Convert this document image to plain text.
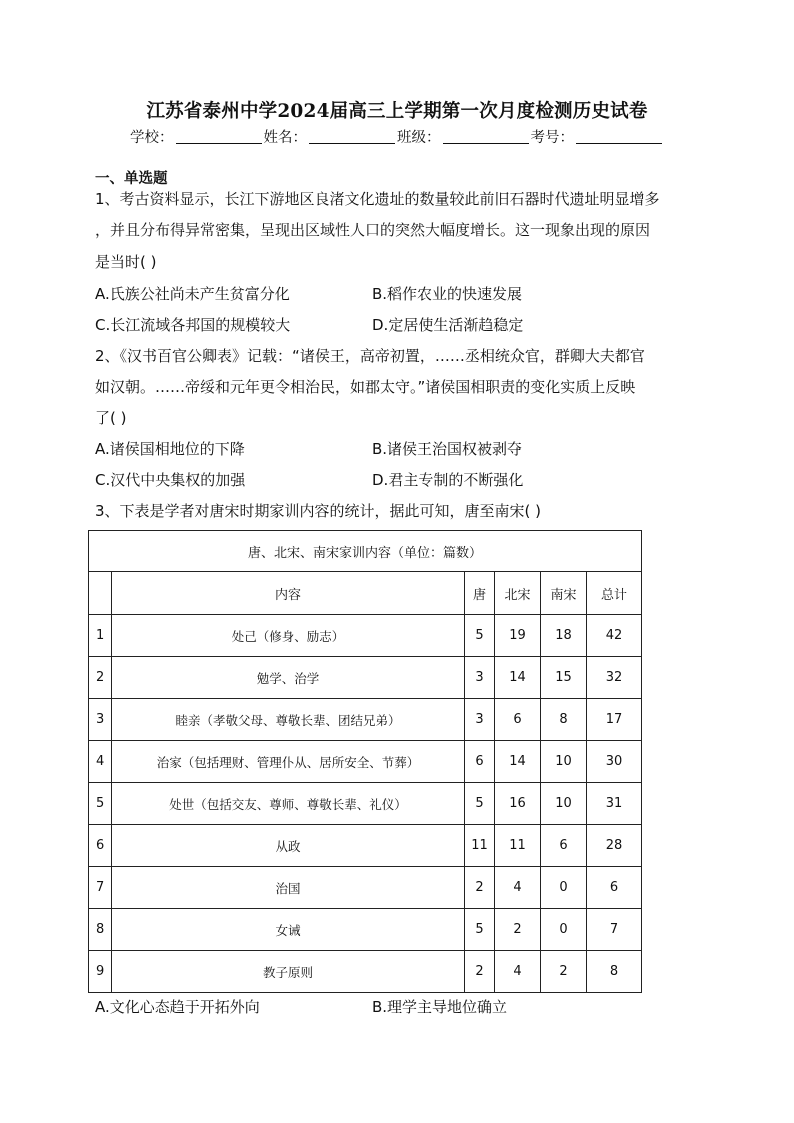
江苏省泰州中学2024届高三上学期第一次月度检测历史试卷
学校：	姓名：	班级：	考号：
一、单选题
1、考古资料显示，长江下游地区良渚文化遗址的数量较此前旧石器时代遗址明显增多
，并且分布得异常密集，呈现出区域性人口的突然大幅度增长。这一现象出现的原因
是当时( )
A.氏族公社尚未产生贫富分化	B.稻作农业的快速发展
C.长江流域各邦国的规模较大	D.定居使生活渐趋稳定
2、《汉书百官公卿表》记载：“诸侯王，高帝初置，……丞相统众官，群卿大夫都官
如汉朝。……帝绥和元年更令相治民，如郡太守。”诸侯国相职责的变化实质上反映
了( )
A.诸侯国相地位的下降	B.诸侯王治国权被剥夺
C.汉代中央集权的加强	D.君主专制的不断强化
3、下表是学者对唐宋时期家训内容的统计，据此可知，唐至南宋( )
唐、北宋、南宋家训内容（单位：篇数）					
	内容	唐	北宋	南宋	总计
1	处己（修身、励志）	5	19	18	42
2	勉学、治学	3	14	15	32
3	睦亲（孝敬父母、尊敬长辈、团结兄弟）	3	6	8	17
4	治家（包括理财、管理仆从、居所安全、节葬）	6	14	10	30
5	处世（包括交友、尊师、尊敬长辈、礼仪）	5	16	10	31
6	从政	11	11	6	28
7	治国	2	4	0	6
8	女诫	5	2	0	7
9	教子原则	2	4	2	8
A.文化心态趋于开拓外向	B.理学主导地位确立
